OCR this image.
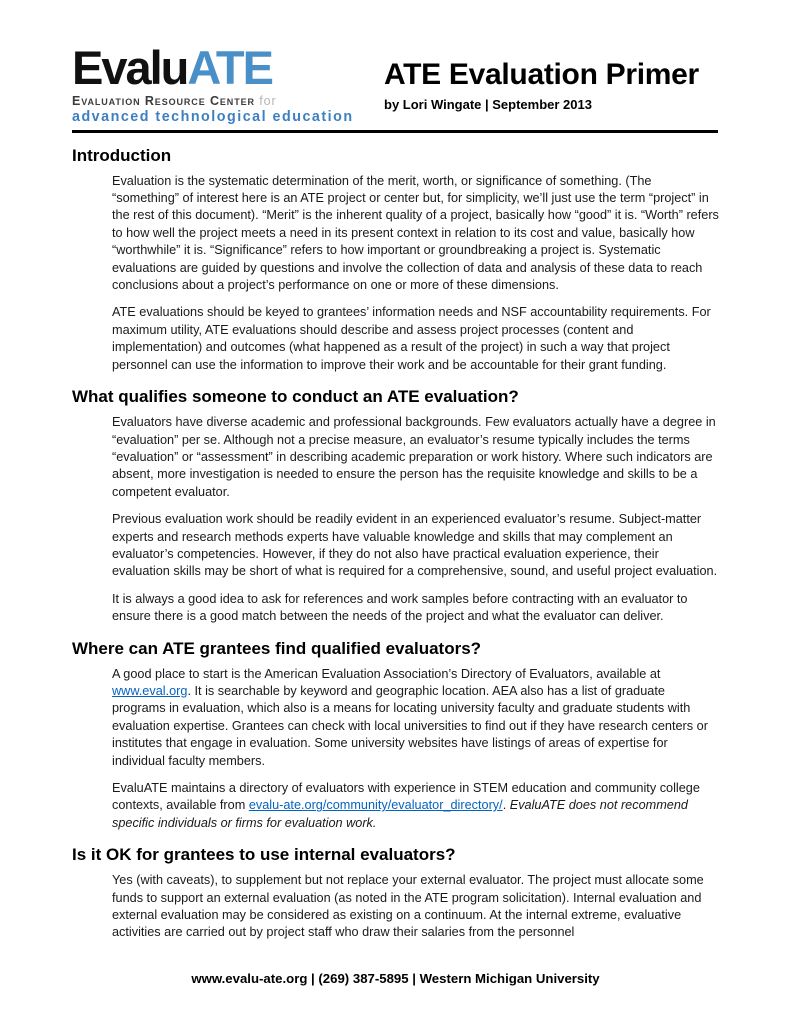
EvaluATE
Evaluation Resource Center for
advanced technological education
ATE Evaluation Primer
by Lori Wingate | September 2013
Introduction

Evaluation is the systematic determination of the merit, worth, or significance of something. (The “something” of interest here is an ATE project or center but, for simplicity, we’ll just use the term “project” in the rest of this document). “Merit” is the inherent quality of a project, basically how “good” it is. “Worth” refers to how well the project meets a need in its present context in relation to its cost and value, basically how “worthwhile” it is. “Significance” refers to how important or groundbreaking a project is. Systematic evaluations are guided by questions and involve the collection of data and analysis of these data to reach conclusions about a project’s performance on one or more of these dimensions.

ATE evaluations should be keyed to grantees’ information needs and NSF accountability requirements. For maximum utility, ATE evaluations should describe and assess project processes (content and implementation) and outcomes (what happened as a result of the project) in such a way that project personnel can use the information to improve their work and be accountable for their grant funding.

What qualifies someone to conduct an ATE evaluation?

Evaluators have diverse academic and professional backgrounds. Few evaluators actually have a degree in “evaluation” per se. Although not a precise measure, an evaluator’s resume typically includes the terms “evaluation” or “assessment” in describing academic preparation or work history. Where such indicators are absent, more investigation is needed to ensure the person has the requisite knowledge and skills to be a competent evaluator.

Previous evaluation work should be readily evident in an experienced evaluator’s resume. Subject-matter experts and research methods experts have valuable knowledge and skills that may complement an evaluator’s competencies. However, if they do not also have practical evaluation experience, their evaluation skills may be short of what is required for a comprehensive, sound, and useful project evaluation.

It is always a good idea to ask for references and work samples before contracting with an evaluator to ensure there is a good match between the needs of the project and what the evaluator can deliver.

Where can ATE grantees find qualified evaluators?

A good place to start is the American Evaluation Association’s Directory of Evaluators, available at www.eval.org. It is searchable by keyword and geographic location. AEA also has a list of graduate programs in evaluation, which also is a means for locating university faculty and graduate students with evaluation expertise. Grantees can check with local universities to find out if they have research centers or institutes that engage in evaluation. Some university websites have listings of areas of expertise for individual faculty members.

EvaluATE maintains a directory of evaluators with experience in STEM education and community college contexts, available from evalu-ate.org/community/evaluator_directory/. EvaluATE does not recommend specific individuals or firms for evaluation work.

Is it OK for grantees to use internal evaluators?

Yes (with caveats), to supplement but not replace your external evaluator. The project must allocate some funds to support an external evaluation (as noted in the ATE program solicitation). Internal evaluation and external evaluation may be considered as existing on a continuum. At the internal extreme, evaluative activities are carried out by project staff who draw their salaries from the personnel

www.evalu-ate.org | (269) 387-5895 | Western Michigan University
